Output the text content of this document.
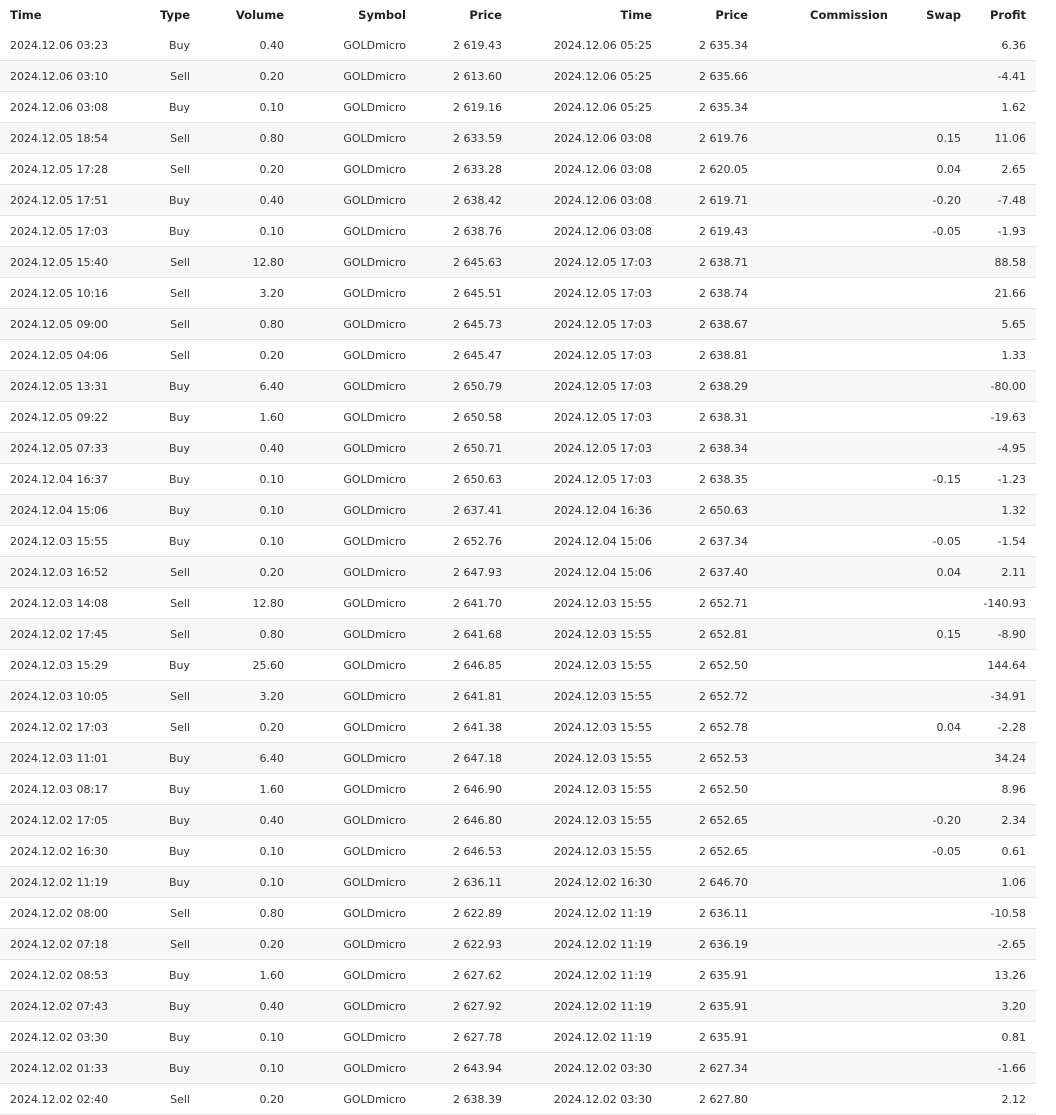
Time	Type	Volume	Symbol	Price	Time	Price	Commission	Swap	Profit
2024.12.06 03:23	Buy	0.40	GOLDmicro	2 619.43	2024.12.06 05:25	2 635.34			6.36
2024.12.06 03:10	Sell	0.20	GOLDmicro	2 613.60	2024.12.06 05:25	2 635.66			-4.41
2024.12.06 03:08	Buy	0.10	GOLDmicro	2 619.16	2024.12.06 05:25	2 635.34			1.62
2024.12.05 18:54	Sell	0.80	GOLDmicro	2 633.59	2024.12.06 03:08	2 619.76		0.15	11.06
2024.12.05 17:28	Sell	0.20	GOLDmicro	2 633.28	2024.12.06 03:08	2 620.05		0.04	2.65
2024.12.05 17:51	Buy	0.40	GOLDmicro	2 638.42	2024.12.06 03:08	2 619.71		-0.20	-7.48
2024.12.05 17:03	Buy	0.10	GOLDmicro	2 638.76	2024.12.06 03:08	2 619.43		-0.05	-1.93
2024.12.05 15:40	Sell	12.80	GOLDmicro	2 645.63	2024.12.05 17:03	2 638.71			88.58
2024.12.05 10:16	Sell	3.20	GOLDmicro	2 645.51	2024.12.05 17:03	2 638.74			21.66
2024.12.05 09:00	Sell	0.80	GOLDmicro	2 645.73	2024.12.05 17:03	2 638.67			5.65
2024.12.05 04:06	Sell	0.20	GOLDmicro	2 645.47	2024.12.05 17:03	2 638.81			1.33
2024.12.05 13:31	Buy	6.40	GOLDmicro	2 650.79	2024.12.05 17:03	2 638.29			-80.00
2024.12.05 09:22	Buy	1.60	GOLDmicro	2 650.58	2024.12.05 17:03	2 638.31			-19.63
2024.12.05 07:33	Buy	0.40	GOLDmicro	2 650.71	2024.12.05 17:03	2 638.34			-4.95
2024.12.04 16:37	Buy	0.10	GOLDmicro	2 650.63	2024.12.05 17:03	2 638.35		-0.15	-1.23
2024.12.04 15:06	Buy	0.10	GOLDmicro	2 637.41	2024.12.04 16:36	2 650.63			1.32
2024.12.03 15:55	Buy	0.10	GOLDmicro	2 652.76	2024.12.04 15:06	2 637.34		-0.05	-1.54
2024.12.03 16:52	Sell	0.20	GOLDmicro	2 647.93	2024.12.04 15:06	2 637.40		0.04	2.11
2024.12.03 14:08	Sell	12.80	GOLDmicro	2 641.70	2024.12.03 15:55	2 652.71			-140.93
2024.12.02 17:45	Sell	0.80	GOLDmicro	2 641.68	2024.12.03 15:55	2 652.81		0.15	-8.90
2024.12.03 15:29	Buy	25.60	GOLDmicro	2 646.85	2024.12.03 15:55	2 652.50			144.64
2024.12.03 10:05	Sell	3.20	GOLDmicro	2 641.81	2024.12.03 15:55	2 652.72			-34.91
2024.12.02 17:03	Sell	0.20	GOLDmicro	2 641.38	2024.12.03 15:55	2 652.78		0.04	-2.28
2024.12.03 11:01	Buy	6.40	GOLDmicro	2 647.18	2024.12.03 15:55	2 652.53			34.24
2024.12.03 08:17	Buy	1.60	GOLDmicro	2 646.90	2024.12.03 15:55	2 652.50			8.96
2024.12.02 17:05	Buy	0.40	GOLDmicro	2 646.80	2024.12.03 15:55	2 652.65		-0.20	2.34
2024.12.02 16:30	Buy	0.10	GOLDmicro	2 646.53	2024.12.03 15:55	2 652.65		-0.05	0.61
2024.12.02 11:19	Buy	0.10	GOLDmicro	2 636.11	2024.12.02 16:30	2 646.70			1.06
2024.12.02 08:00	Sell	0.80	GOLDmicro	2 622.89	2024.12.02 11:19	2 636.11			-10.58
2024.12.02 07:18	Sell	0.20	GOLDmicro	2 622.93	2024.12.02 11:19	2 636.19			-2.65
2024.12.02 08:53	Buy	1.60	GOLDmicro	2 627.62	2024.12.02 11:19	2 635.91			13.26
2024.12.02 07:43	Buy	0.40	GOLDmicro	2 627.92	2024.12.02 11:19	2 635.91			3.20
2024.12.02 03:30	Buy	0.10	GOLDmicro	2 627.78	2024.12.02 11:19	2 635.91			0.81
2024.12.02 01:33	Buy	0.10	GOLDmicro	2 643.94	2024.12.02 03:30	2 627.34			-1.66
2024.12.02 02:40	Sell	0.20	GOLDmicro	2 638.39	2024.12.02 03:30	2 627.80			2.12
